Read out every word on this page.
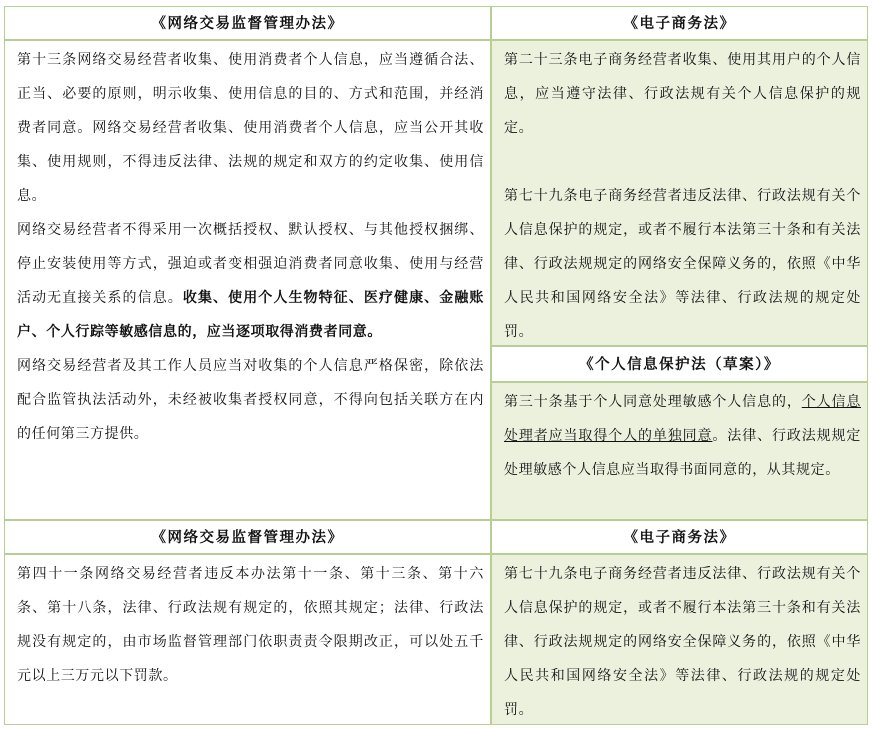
《网络交易监督管理办法》	《电子商务法》

第十三条网络交易经营者收集、使用消费者个人信息，应当遵循合法、正当、必要的原则，明示收集、使用信息的目的、方式和范围，并经消费者同意。网络交易经营者收集、使用消费者个人信息，应当公开其收集、使用规则，不得违反法律、法规的规定和双方的约定收集、使用信息。

网络交易经营者不得采用一次概括授权、默认授权、与其他授权捆绑、停止安装使用等方式，强迫或者变相强迫消费者同意收集、使用与经营活动无直接关系的信息。收集、使用个人生物特征、医疗健康、金融账户、个人行踪等敏感信息的，应当逐项取得消费者同意。

网络交易经营者及其工作人员应当对收集的个人信息严格保密，除依法配合监管执法活动外，未经被收集者授权同意，不得向包括关联方在内的任何第三方提供。

第二十三条电子商务经营者收集、使用其用户的个人信息，应当遵守法律、行政法规有关个人信息保护的规定。

第七十九条电子商务经营者违反法律、行政法规有关个人信息保护的规定，或者不履行本法第三十条和有关法律、行政法规规定的网络安全保障义务的，依照《中华人民共和国网络安全法》等法律、行政法规的规定处罚。

《个人信息保护法（草案）》

第三十条基于个人同意处理敏感个人信息的，个人信息处理者应当取得个人的单独同意。法律、行政法规规定处理敏感个人信息应当取得书面同意的，从其规定。

《网络交易监督管理办法》	《电子商务法》

第四十一条网络交易经营者违反本办法第十一条、第十三条、第十六条、第十八条，法律、行政法规有规定的，依照其规定；法律、行政法规没有规定的，由市场监督管理部门依职责责令限期改正，可以处五千元以上三万元以下罚款。

第七十九条电子商务经营者违反法律、行政法规有关个人信息保护的规定，或者不履行本法第三十条和有关法律、行政法规规定的网络安全保障义务的，依照《中华人民共和国网络安全法》等法律、行政法规的规定处罚。
